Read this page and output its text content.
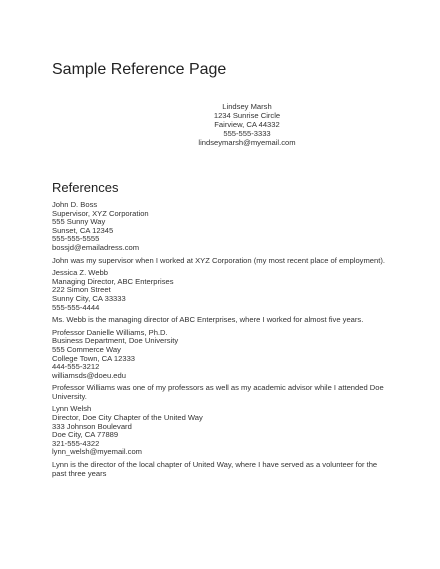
Sample Reference Page
Lindsey Marsh
1234 Sunrise Circle
Fairview, CA 44332
555-555-3333
lindseymarsh@myemail.com
References
John D. Boss
Supervisor, XYZ Corporation
555 Sunny Way
Sunset, CA 12345
555-555-5555
bossjd@emailadress.com
John was my supervisor when I worked at XYZ Corporation (my most recent place of employment).
Jessica Z. Webb
Managing Director, ABC Enterprises
222 Simon Street
Sunny City, CA 33333
555-555-4444
Ms. Webb is the managing director of ABC Enterprises, where I worked for almost five years.
Professor Danielle Williams, Ph.D.
Business Department, Doe University
555 Commerce Way
College Town, CA 12333
444-555-3212
williamsds@doeu.edu
Professor Williams was one of my professors as well as my academic advisor while I attended Doe University.
Lynn Welsh
Director, Doe City Chapter of the United Way
333 Johnson Boulevard
Doe City, CA 77889
321-555-4322
lynn_welsh@myemail.com
Lynn is the director of the local chapter of United Way, where I have served as a volunteer for the past three years
